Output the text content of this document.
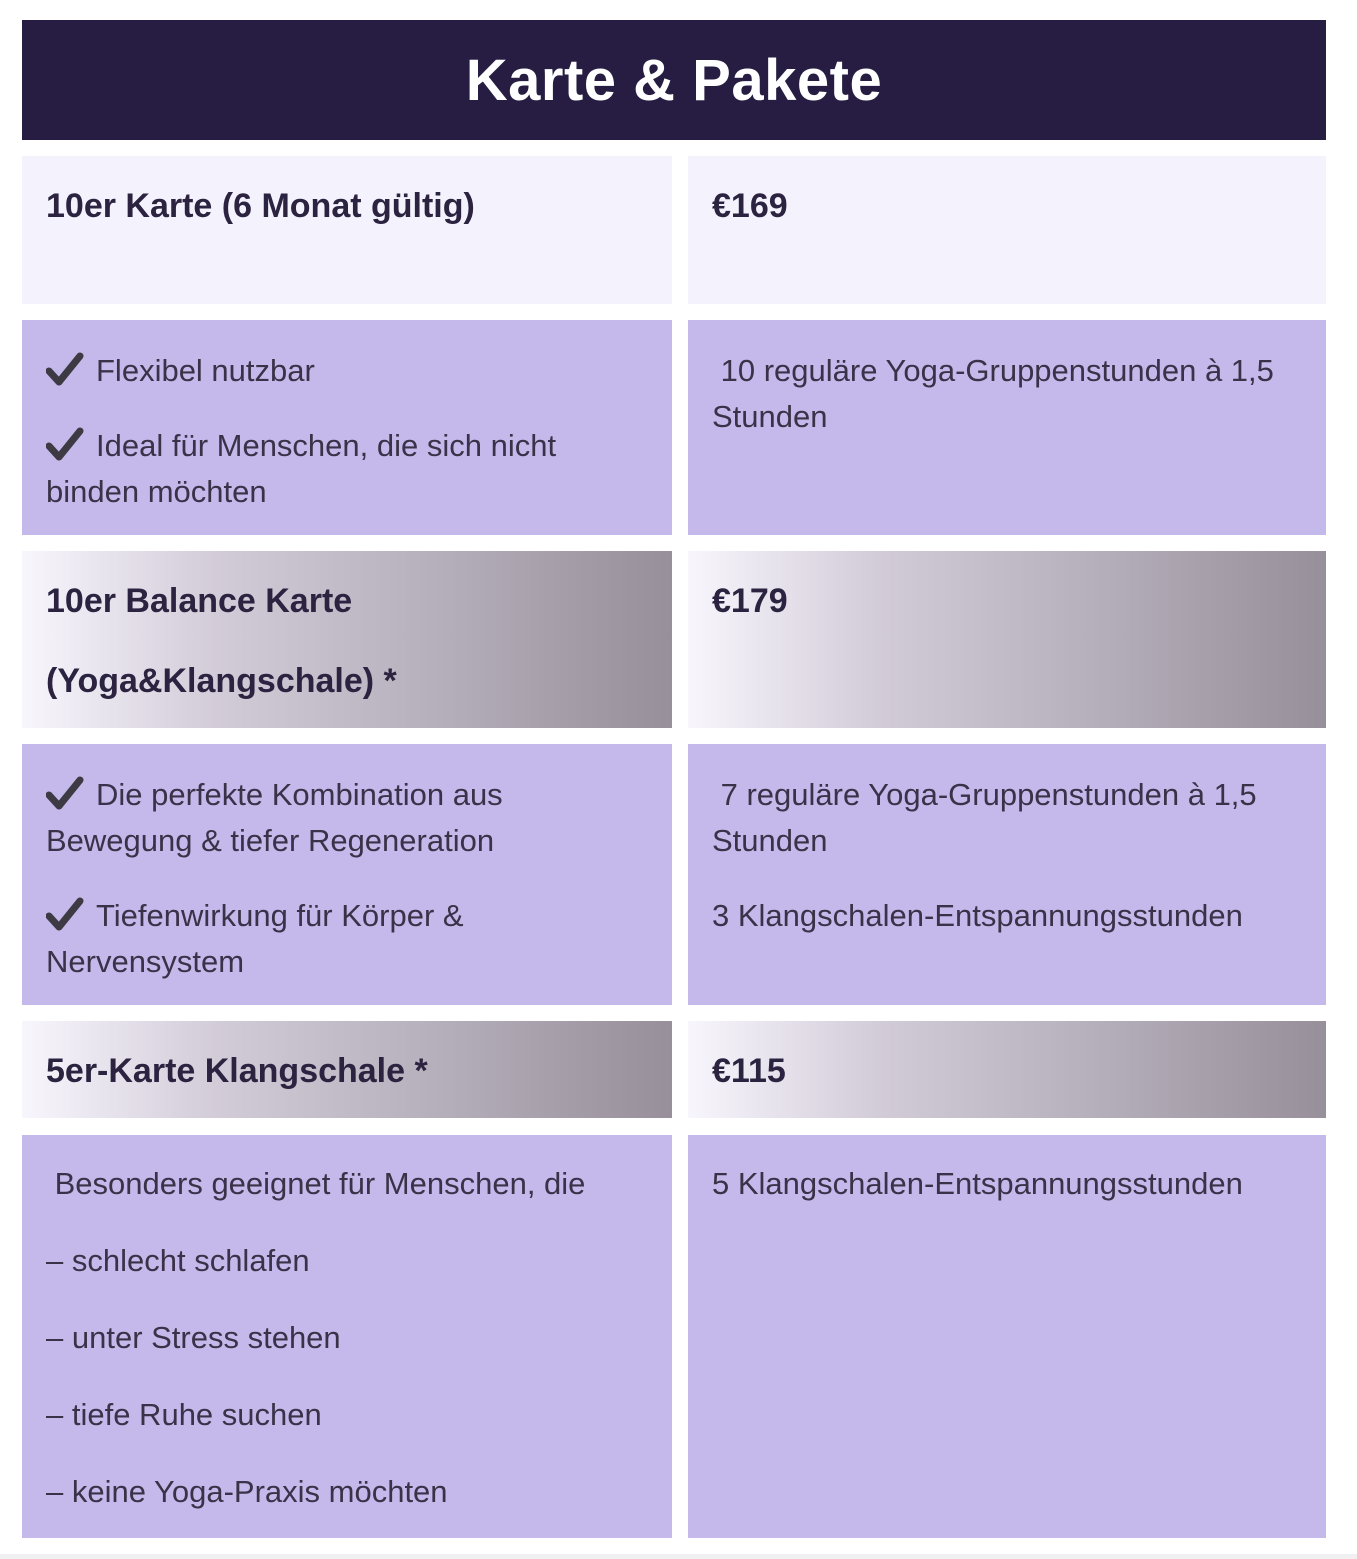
Karte & Pakete
10er Karte (6 Monat gültig)	€169
Flexibel nutzbar
Ideal für Menschen, die sich nicht binden möchten
10 reguläre Yoga-Gruppenstunden à 1,5 Stunden
10er Balance Karte
(Yoga&Klangschale) *
€179
Die perfekte Kombination aus Bewegung & tiefer Regeneration
Tiefenwirkung für Körper & Nervensystem
7 reguläre Yoga-Gruppenstunden à 1,5 Stunden
3 Klangschalen-Entspannungsstunden
5er-Karte Klangschale *	€115
Besonders geeignet für Menschen, die
– schlecht schlafen
– unter Stress stehen
– tiefe Ruhe suchen
– keine Yoga-Praxis möchten
5 Klangschalen-Entspannungsstunden
